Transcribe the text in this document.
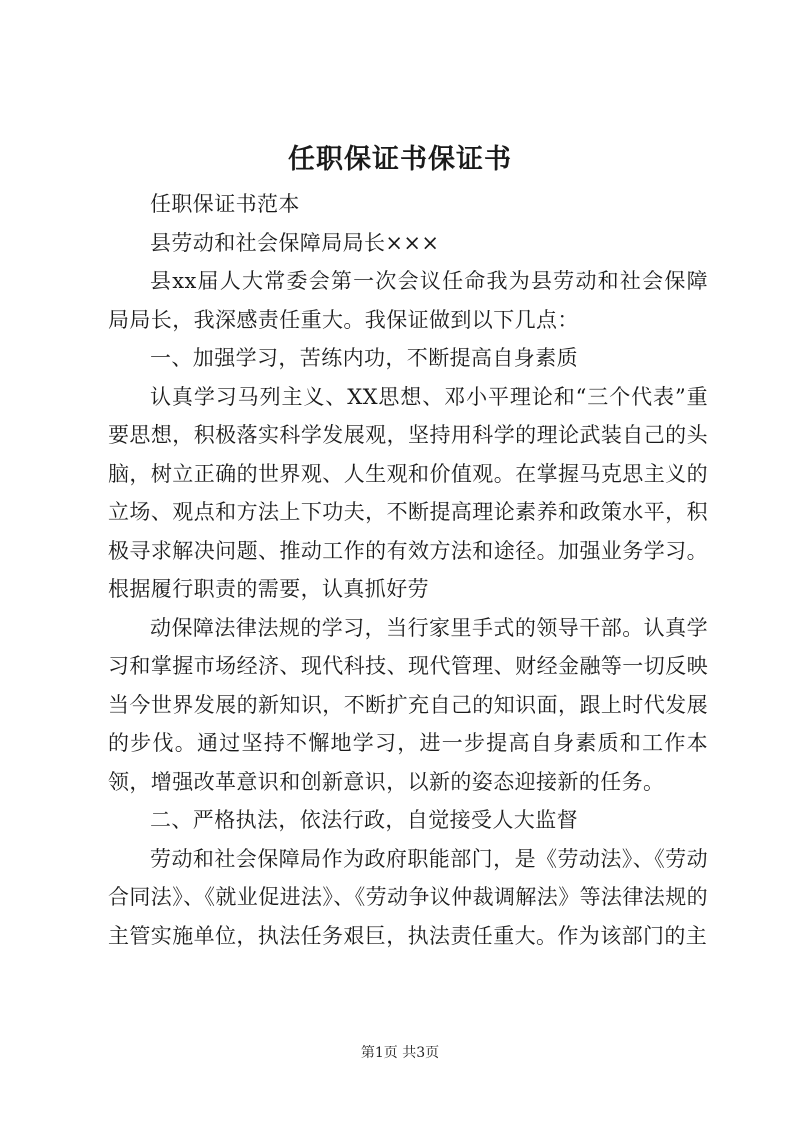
任职保证书保证书

任职保证书范本

县劳动和社会保障局局长×××

县xx届人大常委会第一次会议任命我为县劳动和社会保障局局长，我深感责任重大。我保证做到以下几点：

一、加强学习，苦练内功，不断提高自身素质

认真学习马列主义、XX思想、邓小平理论和“三个代表”重要思想，积极落实科学发展观，坚持用科学的理论武装自己的头脑，树立正确的世界观、人生观和价值观。在掌握马克思主义的立场、观点和方法上下功夫，不断提高理论素养和政策水平，积极寻求解决问题、推动工作的有效方法和途径。加强业务学习。根据履行职责的需要，认真抓好劳

动保障法律法规的学习，当行家里手式的领导干部。认真学习和掌握市场经济、现代科技、现代管理、财经金融等一切反映当今世界发展的新知识，不断扩充自己的知识面，跟上时代发展的步伐。通过坚持不懈地学习，进一步提高自身素质和工作本领，增强改革意识和创新意识，以新的姿态迎接新的任务。

二、严格执法，依法行政，自觉接受人大监督

劳动和社会保障局作为政府职能部门，是《劳动法》、《劳动合同法》、《就业促进法》、《劳动争议仲裁调解法》等法律法规的主管实施单位，执法任务艰巨，执法责任重大。作为该部门的主

第1页 共3页
